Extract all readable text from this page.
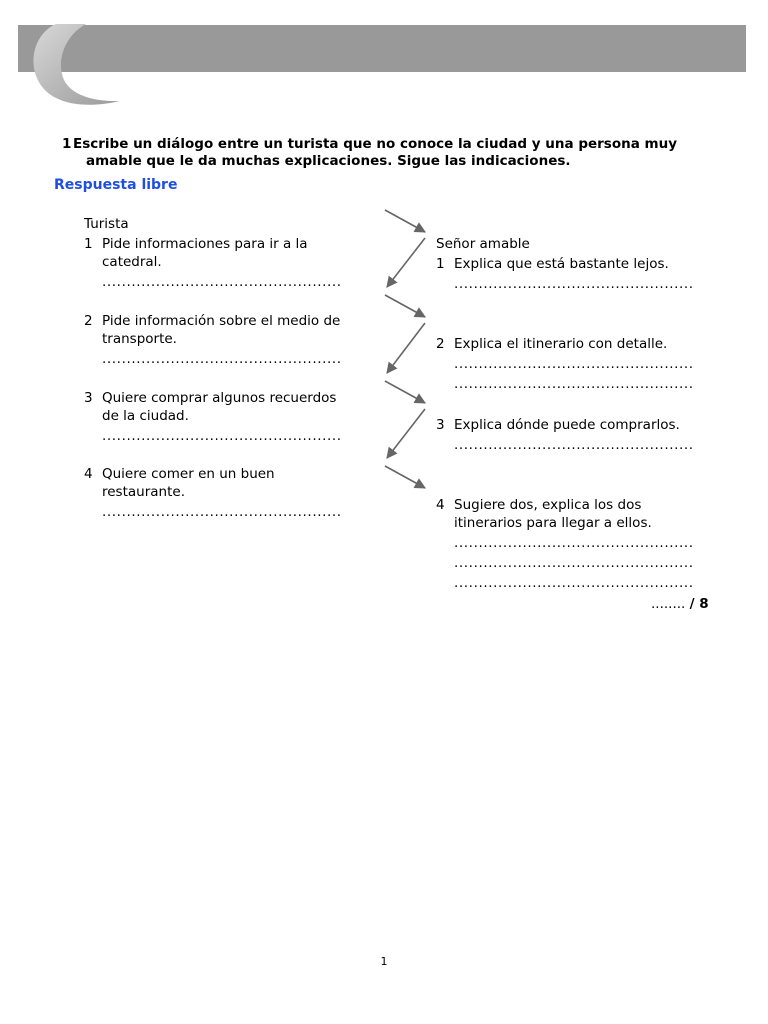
1 Escribe un diálogo entre un turista que no conoce la ciudad y una persona muy
amable que le da muchas explicaciones. Sigue las indicaciones.
Respuesta libre
Turista
1 Pide informaciones para ir a la
catedral.
.................................................
2 Pide información sobre el medio de
transporte.
.................................................
3 Quiere comprar algunos recuerdos
de la ciudad.
.................................................
4 Quiere comer en un buen
restaurante.
.................................................
Señor amable
1 Explica que está bastante lejos.
.................................................
2 Explica el itinerario con detalle.
.................................................
.................................................
3 Explica dónde puede comprarlos.
.................................................
4 Sugiere dos, explica los dos
itinerarios para llegar a ellos.
.................................................
.................................................
.................................................
........ / 8
1
